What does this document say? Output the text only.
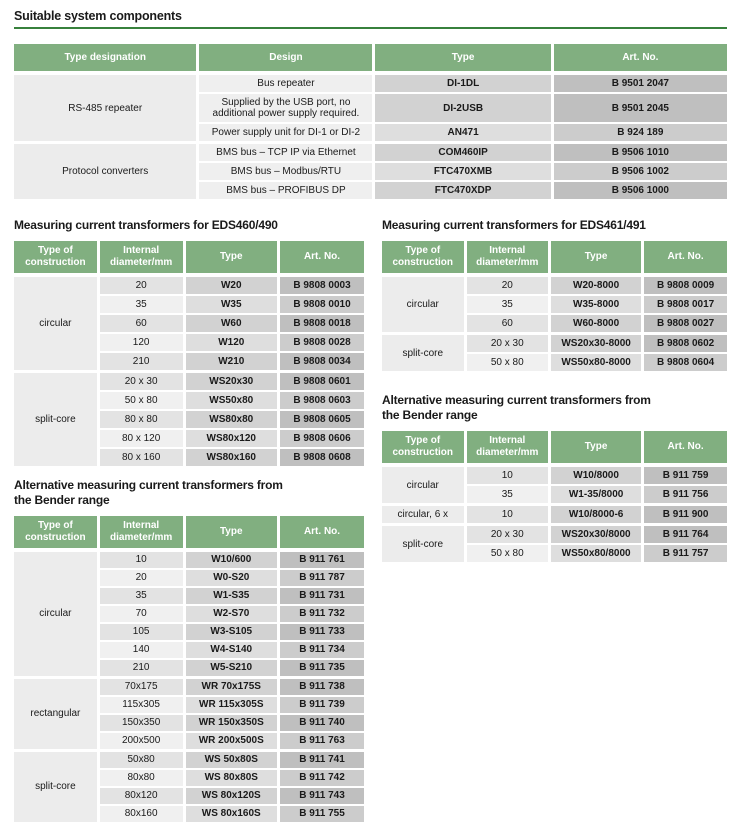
Suitable system components
Type designation	Design	Type	Art. No.
RS-485 repeater	Bus repeater	DI-1DL	B 9501 2047
	Supplied by the USB port, no additional power supply required.	DI-2USB	B 9501 2045
	Power supply unit for DI-1 or DI-2	AN471	B 924 189
Protocol converters	BMS bus – TCP IP via Ethernet	COM460IP	B 9506 1010
	BMS bus – Modbus/RTU	FTC470XMB	B 9506 1002
	BMS bus – PROFIBUS DP	FTC470XDP	B 9506 1000
Measuring current transformers for EDS460/490
Type of construction	Internal diameter/mm	Type	Art. No.
circular	20	W20	B 9808 0003
	35	W35	B 9808 0010
	60	W60	B 9808 0018
	120	W120	B 9808 0028
	210	W210	B 9808 0034
split-core	20 x 30	WS20x30	B 9808 0601
	50 x 80	WS50x80	B 9808 0603
	80 x 80	WS80x80	B 9808 0605
	80 x 120	WS80x120	B 9808 0606
	80 x 160	WS80x160	B 9808 0608
Alternative measuring current transformers from
the Bender range
Type of construction	Internal diameter/mm	Type	Art. No.
circular	10	W10/600	B 911 761
	20	W0-S20	B 911 787
	35	W1-S35	B 911 731
	70	W2-S70	B 911 732
	105	W3-S105	B 911 733
	140	W4-S140	B 911 734
	210	W5-S210	B 911 735
rectangular	70x175	WR 70x175S	B 911 738
	115x305	WR 115x305S	B 911 739
	150x350	WR 150x350S	B 911 740
	200x500	WR 200x500S	B 911 763
split-core	50x80	WS 50x80S	B 911 741
	80x80	WS 80x80S	B 911 742
	80x120	WS 80x120S	B 911 743
	80x160	WS 80x160S	B 911 755
Measuring current transformers for EDS461/491
Type of construction	Internal diameter/mm	Type	Art. No.
circular	20	W20-8000	B 9808 0009
	35	W35-8000	B 9808 0017
	60	W60-8000	B 9808 0027
split-core	20 x 30	WS20x30-8000	B 9808 0602
	50 x 80	WS50x80-8000	B 9808 0604
Alternative measuring current transformers from
the Bender range
Type of construction	Internal diameter/mm	Type	Art. No.
circular	10	W10/8000	B 911 759
	35	W1-35/8000	B 911 756
circular, 6 x	10	W10/8000-6	B 911 900
split-core	20 x 30	WS20x30/8000	B 911 764
	50 x 80	WS50x80/8000	B 911 757
